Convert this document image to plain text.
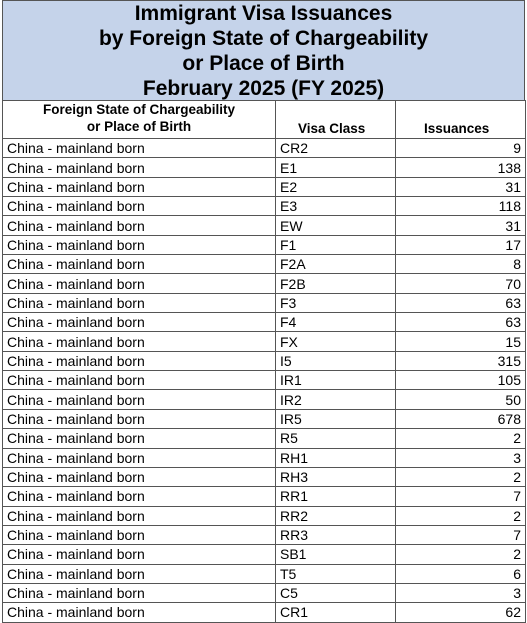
Immigrant Visa Issuances
by Foreign State of Chargeability
or Place of Birth
February 2025 (FY 2025)
Foreign State of Chargeability
or Place of Birth	Visa Class	Issuances
China - mainland born	CR2	9
China - mainland born	E1	138
China - mainland born	E2	31
China - mainland born	E3	118
China - mainland born	EW	31
China - mainland born	F1	17
China - mainland born	F2A	8
China - mainland born	F2B	70
China - mainland born	F3	63
China - mainland born	F4	63
China - mainland born	FX	15
China - mainland born	I5	315
China - mainland born	IR1	105
China - mainland born	IR2	50
China - mainland born	IR5	678
China - mainland born	R5	2
China - mainland born	RH1	3
China - mainland born	RH3	2
China - mainland born	RR1	7
China - mainland born	RR2	2
China - mainland born	RR3	7
China - mainland born	SB1	2
China - mainland born	T5	6
China - mainland born	C5	3
China - mainland born	CR1	62
